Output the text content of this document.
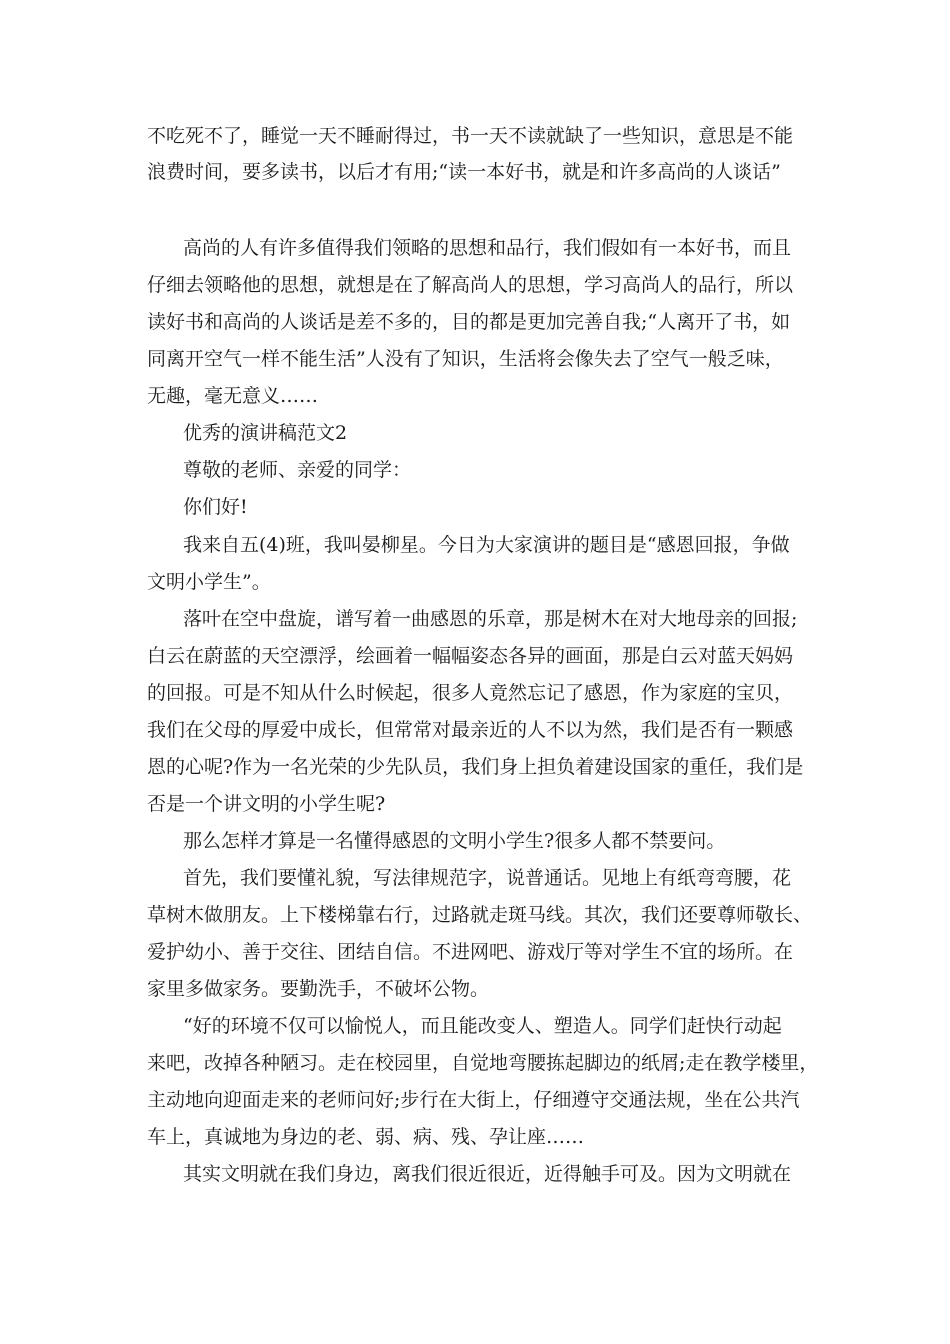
不吃死不了，睡觉一天不睡耐得过，书一天不读就缺了一些知识，意思是不能
浪费时间，要多读书，以后才有用;“读一本好书，就是和许多高尚的人谈话”
高尚的人有许多值得我们领略的思想和品行，我们假如有一本好书，而且
仔细去领略他的思想，就想是在了解高尚人的思想，学习高尚人的品行，所以
读好书和高尚的人谈话是差不多的，目的都是更加完善自我;“人离开了书，如
同离开空气一样不能生活”人没有了知识，生活将会像失去了空气一般乏味，
无趣，毫无意义……
优秀的演讲稿范文2
尊敬的老师、亲爱的同学：
你们好!
我来自五(4)班，我叫晏柳星。今日为大家演讲的题目是“感恩回报，争做
文明小学生”。
落叶在空中盘旋，谱写着一曲感恩的乐章，那是树木在对大地母亲的回报;
白云在蔚蓝的天空漂浮，绘画着一幅幅姿态各异的画面，那是白云对蓝天妈妈
的回报。可是不知从什么时候起，很多人竟然忘记了感恩，作为家庭的宝贝，
我们在父母的厚爱中成长，但常常对最亲近的人不以为然，我们是否有一颗感
恩的心呢?作为一名光荣的少先队员，我们身上担负着建设国家的重任，我们是
否是一个讲文明的小学生呢?
那么怎样才算是一名懂得感恩的文明小学生?很多人都不禁要问。
首先，我们要懂礼貌，写法律规范字，说普通话。见地上有纸弯弯腰，花
草树木做朋友。上下楼梯靠右行，过路就走斑马线。其次，我们还要尊师敬长、
爱护幼小、善于交往、团结自信。不进网吧、游戏厅等对学生不宜的场所。在
家里多做家务。要勤洗手，不破坏公物。
“好的环境不仅可以愉悦人，而且能改变人、塑造人。同学们赶快行动起
来吧，改掉各种陋习。走在校园里，自觉地弯腰拣起脚边的纸屑;走在教学楼里，
主动地向迎面走来的老师问好;步行在大街上，仔细遵守交通法规，坐在公共汽
车上，真诚地为身边的老、弱、病、残、孕让座……
其实文明就在我们身边，离我们很近很近，近得触手可及。因为文明就在
